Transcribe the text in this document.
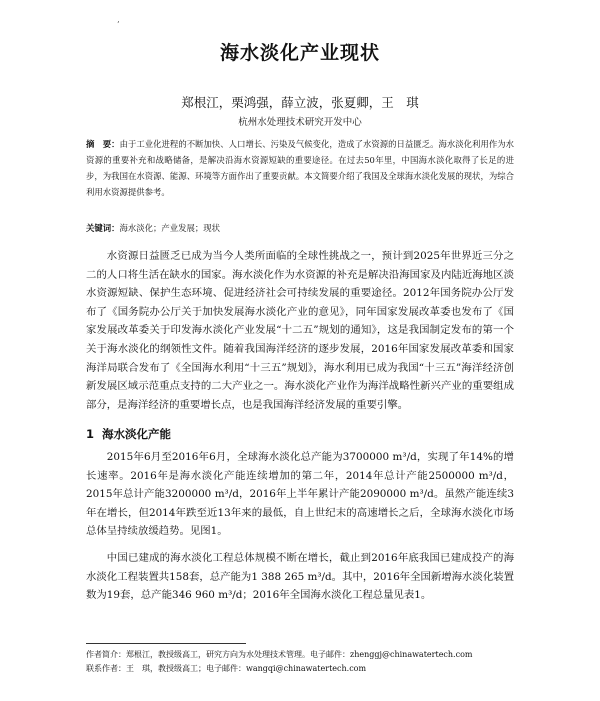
’
海水淡化产业现状
郑根江，栗鸿强，薛立波，张夏卿，王　琪
杭州水处理技术研究开发中心
摘　要：由于工业化进程的不断加快、人口增长、污染及气候变化，造成了水资源的日益匮乏。海水淡化利用作为水资源的重要补充和战略储备，是解决沿海水资源短缺的重要途径。在过去50年里，中国海水淡化取得了长足的进步，为我国在水资源、能源、环境等方面作出了重要贡献。本文简要介绍了我国及全球海水淡化发展的现状，为综合利用水资源提供参考。
关键词：海水淡化；产业发展；现状

水资源日益匮乏已成为当今人类所面临的全球性挑战之一，预计到2025年世界近三分之二的人口将生活在缺水的国家。海水淡化作为水资源的补充是解决沿海国家及内陆近海地区淡水资源短缺、保护生态环境、促进经济社会可持续发展的重要途径。2012年国务院办公厅发布了《国务院办公厅关于加快发展海水淡化产业的意见》，同年国家发展改革委也发布了《国家发展改革委关于印发海水淡化产业发展“十二五”规划的通知》，这是我国制定发布的第一个关于海水淡化的纲领性文件。随着我国海洋经济的逐步发展，2016年国家发展改革委和国家海洋局联合发布了《全国海水利用“十三五”规划》，海水利用已成为我国“十三五”海洋经济创新发展区域示范重点支持的二大产业之一。海水淡化产业作为海洋战略性新兴产业的重要组成部分，是海洋经济的重要增长点，也是我国海洋经济发展的重要引擎。

1 海水淡化产能

2015年6月至2016年6月，全球海水淡化总产能为3700000 m³/d，实现了年14%的增长速率。2016年是海水淡化产能连续增加的第二年，2014年总计产能2500000 m³/d，2015年总计产能3200000 m³/d，2016年上半年累计产能2090000 m³/d。虽然产能连续3年在增长，但2014年跌至近13年来的最低，自上世纪末的高速增长之后，全球海水淡化市场总体呈持续放缓趋势。见图1。

中国已建成的海水淡化工程总体规模不断在增长，截止到2016年底我国已建成投产的海水淡化工程装置共158套，总产能为1 388 265 m³/d。其中，2016年全国新增海水淡化装置数为19套，总产能346 960 m³/d；2016年全国海水淡化工程总量见表1。

作者简介：郑根江，教授级高工，研究方向为水处理技术管理。电子邮件：zhenggj@chinawatertech.com
联系作者：王　琪，教授级高工；电子邮件：wangqi@chinawatertech.com
